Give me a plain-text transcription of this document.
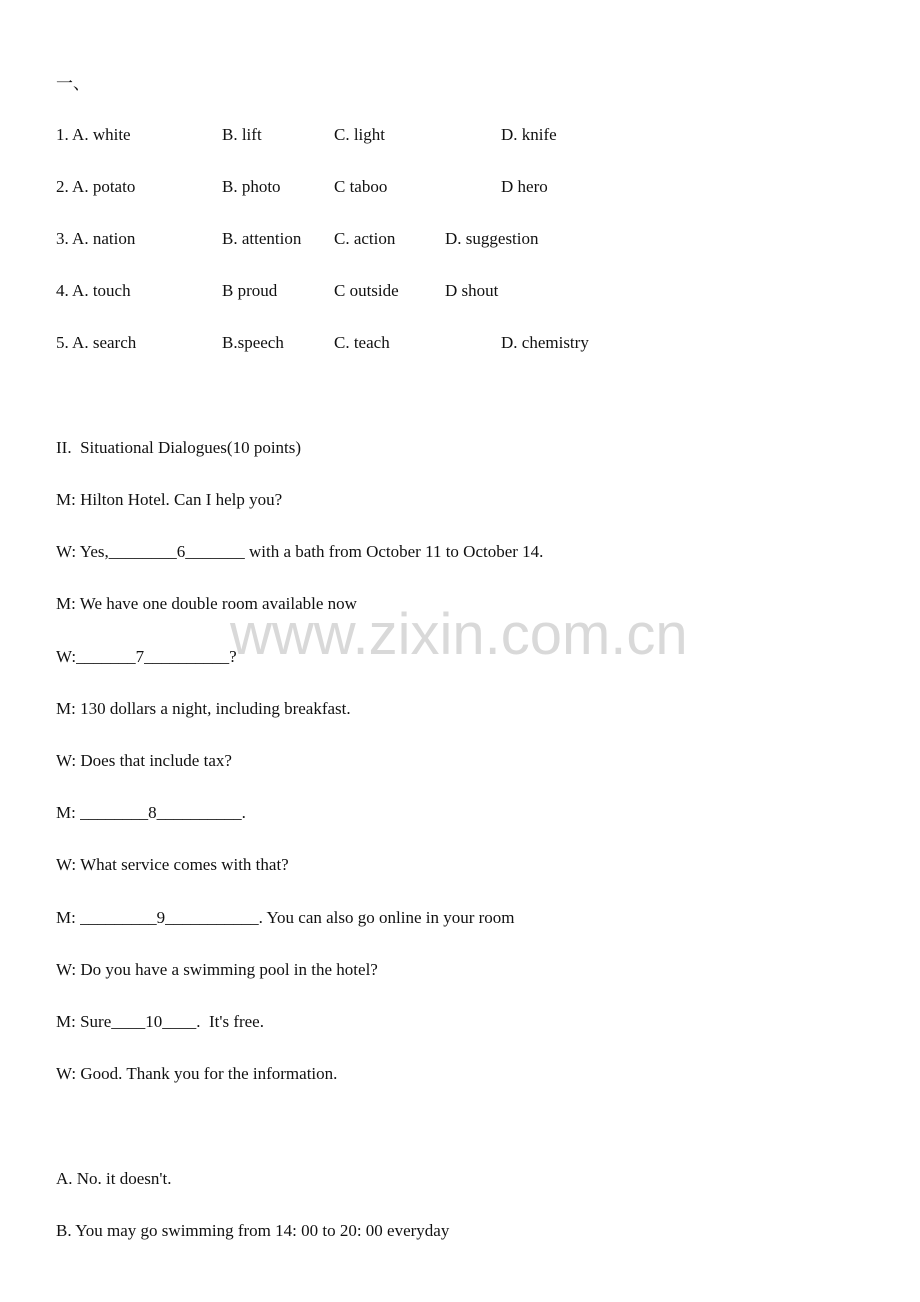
一、
1. A. white	B. lift	C. light	D. knife
2. A. potato	B. photo	C taboo	D hero
3. A. nation	B. attention C. action	D. suggestion
4. A. touch	B proud	C outside	D shout
5. A. search	B.speech	C. teach	D. chemistry
II.  Situational Dialogues(10 points)
M: Hilton Hotel. Can I help you?
W: Yes,________6_______ with a bath from October 11 to October 14.
M: We have one double room available now
W:_______7__________?
M: 130 dollars a night, including breakfast.
W: Does that include tax?
M: ________8__________.
W: What service comes with that?
M: _________9___________. You can also go online in your room
W: Do you have a swimming pool in the hotel?
M: Sure____10____.  It's free.
W: Good. Thank you for the information.
A. No. it doesn't.
B. You may go swimming from 14: 00 to 20: 00 everyday
www.zixin.com.cn
